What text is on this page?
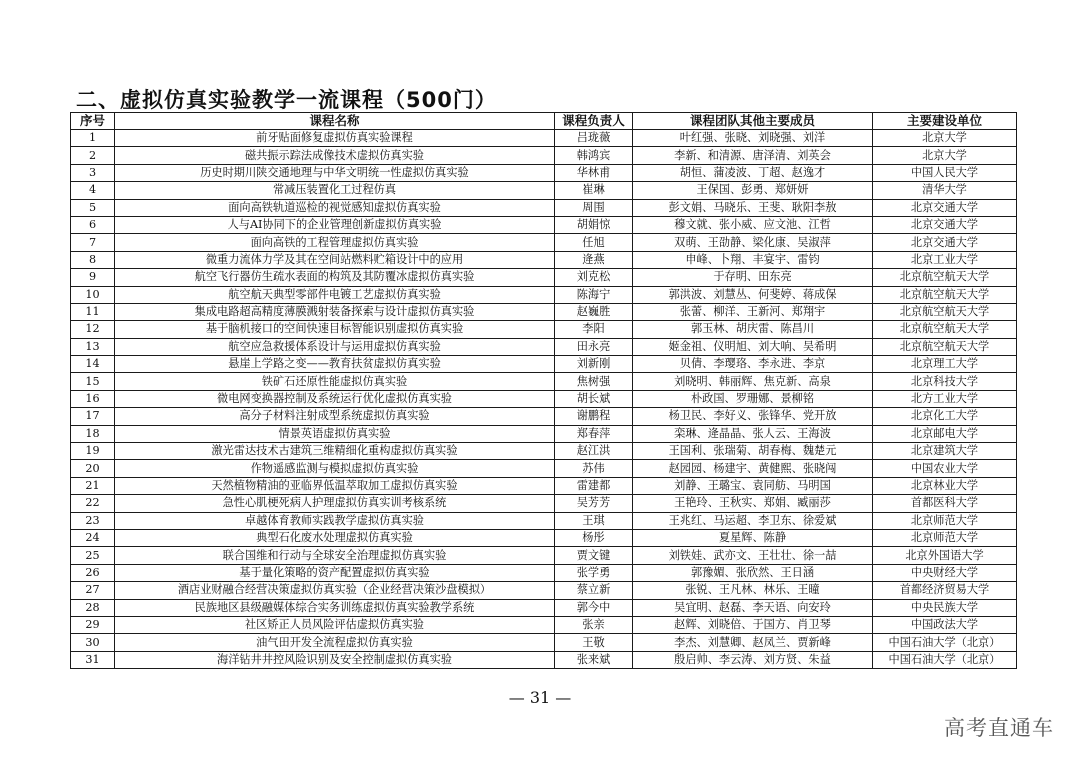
二、虚拟仿真实验教学一流课程（500门）
序号	课程名称	课程负责人	课程团队其他主要成员	主要建设单位
1	前牙贴面修复虚拟仿真实验课程	吕珑薇	叶红强、张晓、刘晓强、刘洋	北京大学
2	磁共振示踪法成像技术虚拟仿真实验	韩鸿宾	李新、和清源、唐泽清、刘英会	北京大学
3	历史时期川陕交通地理与中华文明统一性虚拟仿真实验	华林甫	胡恒、蒲凌波、丁超、赵逸才	中国人民大学
4	常减压装置化工过程仿真	崔琳	王保国、彭勇、郑妍妍	清华大学
5	面向高铁轨道巡检的视觉感知虚拟仿真实验	周围	彭文娟、马晓乐、王斐、耿阳李敖	北京交通大学
6	人与AI协同下的企业管理创新虚拟仿真实验	胡娟惊	穆文就、张小威、应文池、江哲	北京交通大学
7	面向高铁的工程管理虚拟仿真实验	任旭	双萌、王劭静、梁化康、吴淑萍	北京交通大学
8	微重力流体力学及其在空间站燃料贮箱设计中的应用	逄燕	申峰、卜翔、丰宴宇、雷钧	北京工业大学
9	航空飞行器仿生疏水表面的构筑及其防覆冰虚拟仿真实验	刘克松	于存明、田东亮	北京航空航天大学
10	航空航天典型零部件电镀工艺虚拟仿真实验	陈海宁	郭洪波、刘慧丛、何斐婷、蒋成保	北京航空航天大学
11	集成电路超高精度薄膜溅射装备探索与设计虚拟仿真实验	赵巍胜	张蕾、柳洋、王新河、郑翔宇	北京航空航天大学
12	基于脑机接口的空间快速目标智能识别虚拟仿真实验	李阳	郭玉林、胡庆雷、陈昌川	北京航空航天大学
13	航空应急救援体系设计与运用虚拟仿真实验	田永亮	姬金祖、仪明旭、刘大响、吴希明	北京航空航天大学
14	悬崖上学路之变——教育扶贫虚拟仿真实验	刘新刚	贝倩、李璎珞、李永进、李京	北京理工大学
15	铁矿石还原性能虚拟仿真实验	焦树强	刘晓明、韩丽辉、焦克新、高泉	北京科技大学
16	微电网变换器控制及系统运行优化虚拟仿真实验	胡长斌	朴政国、罗珊娜、景柳铭	北方工业大学
17	高分子材料注射成型系统虚拟仿真实验	谢鹏程	杨卫民、李好义、张锋华、党开放	北京化工大学
18	情景英语虚拟仿真实验	郑春萍	栾琳、逄晶晶、张人云、王海波	北京邮电大学
19	激光雷达技术古建筑三维精细化重构虚拟仿真实验	赵江洪	王国利、张瑞菊、胡春梅、魏楚元	北京建筑大学
20	作物遥感监测与模拟虚拟仿真实验	苏伟	赵园园、杨建宇、黄健熙、张晓闯	中国农业大学
21	天然植物精油的亚临界低温萃取加工虚拟仿真实验	雷建都	刘静、王璐宝、袁同舫、马明国	北京林业大学
22	急性心肌梗死病人护理虚拟仿真实训考核系统	吴芳芳	王艳玲、王秋实、郑娟、臧丽莎	首都医科大学
23	卓越体育教师实践教学虚拟仿真实验	王琪	王兆红、马运超、李卫东、徐爱斌	北京师范大学
24	典型石化废水处理虚拟仿真实验	杨彤	夏星辉、陈静	北京师范大学
25	联合国维和行动与全球安全治理虚拟仿真实验	贾文键	刘铁娃、武亦文、王壮壮、徐一喆	北京外国语大学
26	基于量化策略的资产配置虚拟仿真实验	张学勇	郭豫媚、张欣然、王日涵	中央财经大学
27	酒店业财融合经营决策虚拟仿真实验（企业经营决策沙盘模拟）	蔡立新	张锐、王凡林、林乐、王曈	首都经济贸易大学
28	民族地区县级融媒体综合实务训练虚拟仿真实验教学系统	郭今中	吴宜明、赵磊、李天语、向安玲	中央民族大学
29	社区矫正人员风险评估虚拟仿真实验	张亲	赵辉、刘晓倍、于国方、肖卫琴	中国政法大学
30	油气田开发全流程虚拟仿真实验	王敬	李杰、刘慧卿、赵凤兰、贾新峰	中国石油大学（北京）
31	海洋钻井井控风险识别及安全控制虚拟仿真实验	张来斌	殷启帅、李云涛、刘方贤、朱益	中国石油大学（北京）
— 31 —
高考直通车
